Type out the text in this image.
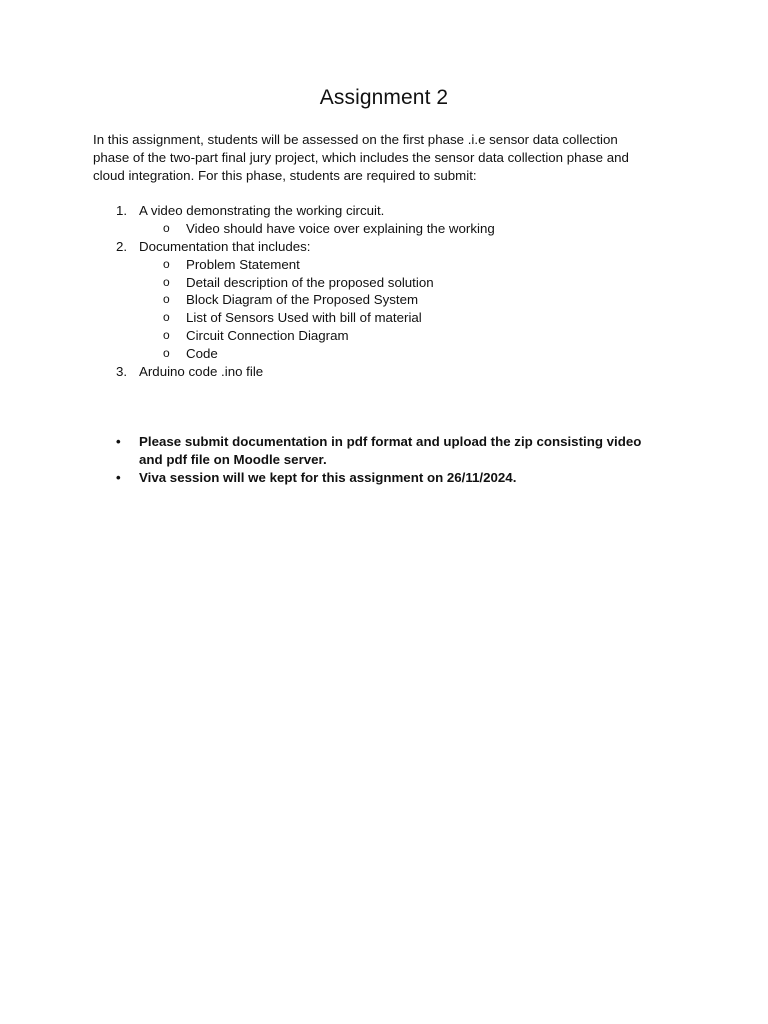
Assignment 2

In this assignment, students will be assessed on the first phase .i.e sensor data collection
phase of the two-part final jury project, which includes the sensor data collection phase and
cloud integration. For this phase, students are required to submit:

1. A video demonstrating the working circuit.
o Video should have voice over explaining the working
2. Documentation that includes:
o Problem Statement
o Detail description of the proposed solution
o Block Diagram of the Proposed System
o List of Sensors Used with bill of material
o Circuit Connection Diagram
o Code
3. Arduino code .ino file
• Please submit documentation in pdf format and upload the zip consisting video
and pdf file on Moodle server.
• Viva session will we kept for this assignment on 26/11/2024.
